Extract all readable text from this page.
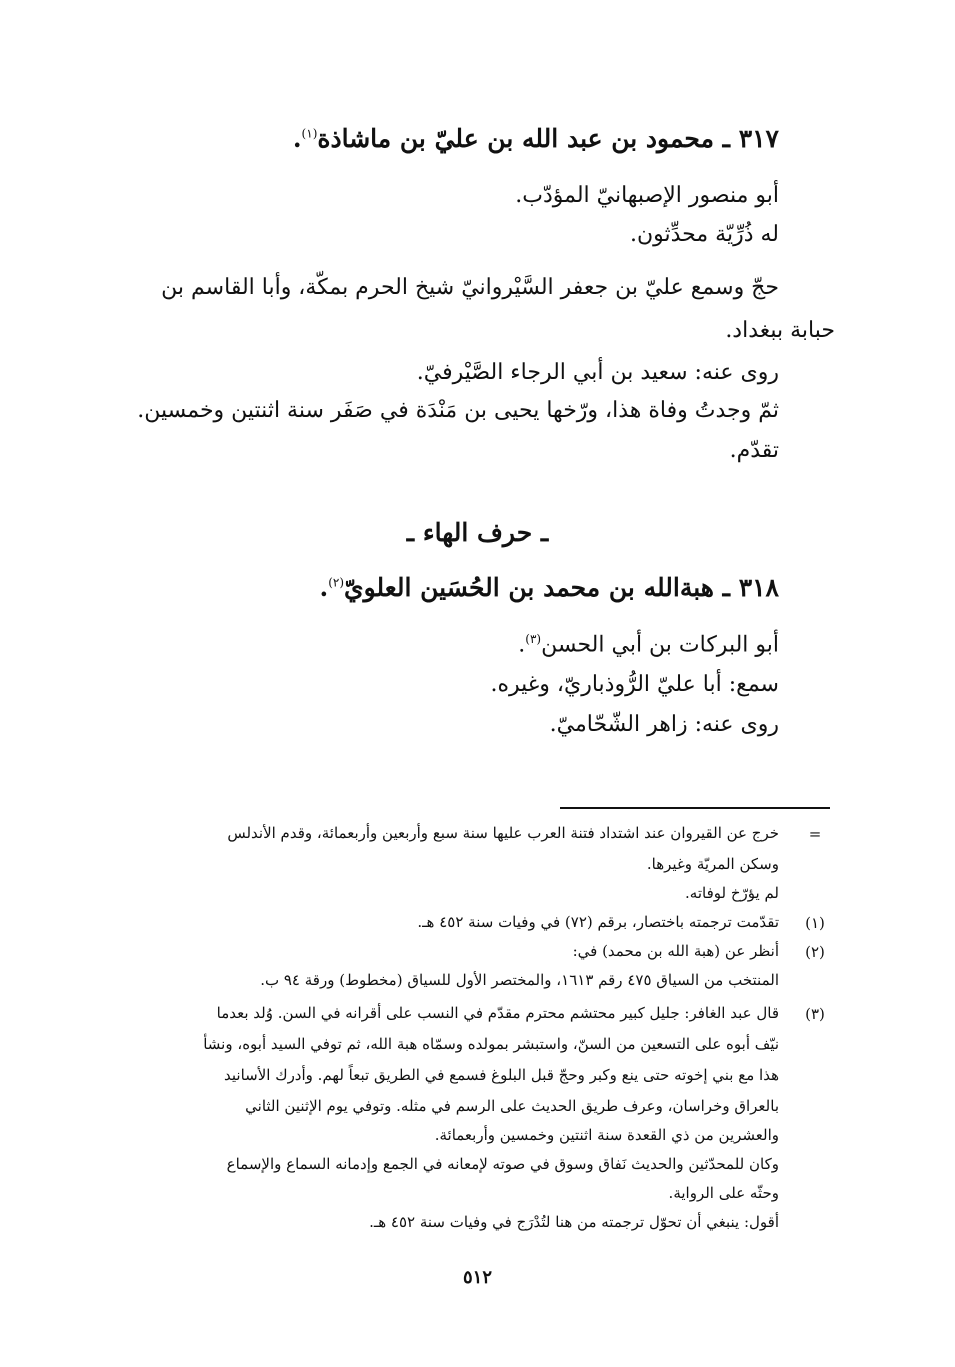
٣١٧ ـ محمود بن عبد الله بن عليّ بن ماشاذة$^{(١)}$.
أبو منصور الإصبهانيّ المؤدّب.
له ذُرِّيّة محدِّثون.
حجّ وسمع عليّ بن جعفر السَّيْروانيّ شيخ الحرم بمكّة، وأبا القاسم بن
حبابة ببغداد.
روى عنه: سعيد بن أبي الرجاء الصَّيْرفيّ.
ثمّ وجدتُ وفاة هذا، ورّخها يحيى بن مَنْدَة في صَفَر سنة اثنتين وخمسين.
تقدّم.
ـ حرف الهاء ـ
٣١٨ ـ هبةالله بن محمد بن الحُسَين العلويّ$^{(٢)}$.
أبو البركات بن أبي الحسن$^{(٣)}$.
سمع: أبا عليّ الرُّوذباريّ، وغيره.
روى عنه: زاهر الشّحّاميّ.
=
خرج عن القيروان عند اشتداد فتنة العرب عليها سنة سبع وأربعين وأربعمائة، وقدم الأندلس
وسكن المريّة وغيرها.
لم يؤرّخ لوفاته.
(١)
تقدّمت ترجمته باختصار، برقم (٧٢) في وفيات سنة ٤٥٢ هـ.
(٢)
أنظر عن (هبة الله بن محمد) في:
المنتخب من السياق ٤٧٥ رقم ١٦١٣، والمختصر الأول للسياق (مخطوط) ورقة ٩٤ ب.
(٣)
قال عبد الغافر: جليل كبير محتشم محترم مقدّم في النسب على أقرانه في السن. وُلد بعدما
نيّف أبوه على التسعين من السنّ، واستبشر بمولده وسمّاه هبة الله، ثم توفي السيد أبوه، ونشأ
هذا مع بني إخوته حتى ينع وكبر وحجّ قبل البلوغ فسمع في الطريق تبعاً لهم. وأدرك الأسانيد
بالعراق وخراسان، وعرف طريق الحديث على الرسم في مثله. وتوفي يوم الإثنين الثاني
والعشرين من ذي القعدة سنة اثنتين وخمسين وأربعمائة.
وكان للمحدّثين والحديث نَفاق وسوق في صوته لإمعانه في الجمع وإدمانه السماع والإسماع
وحثّه على الرواية.
أقول: ينبغي أن تحوّل ترجمته من هنا لتُدْرَج في وفيات سنة ٤٥٢ هـ.
٥١٢
